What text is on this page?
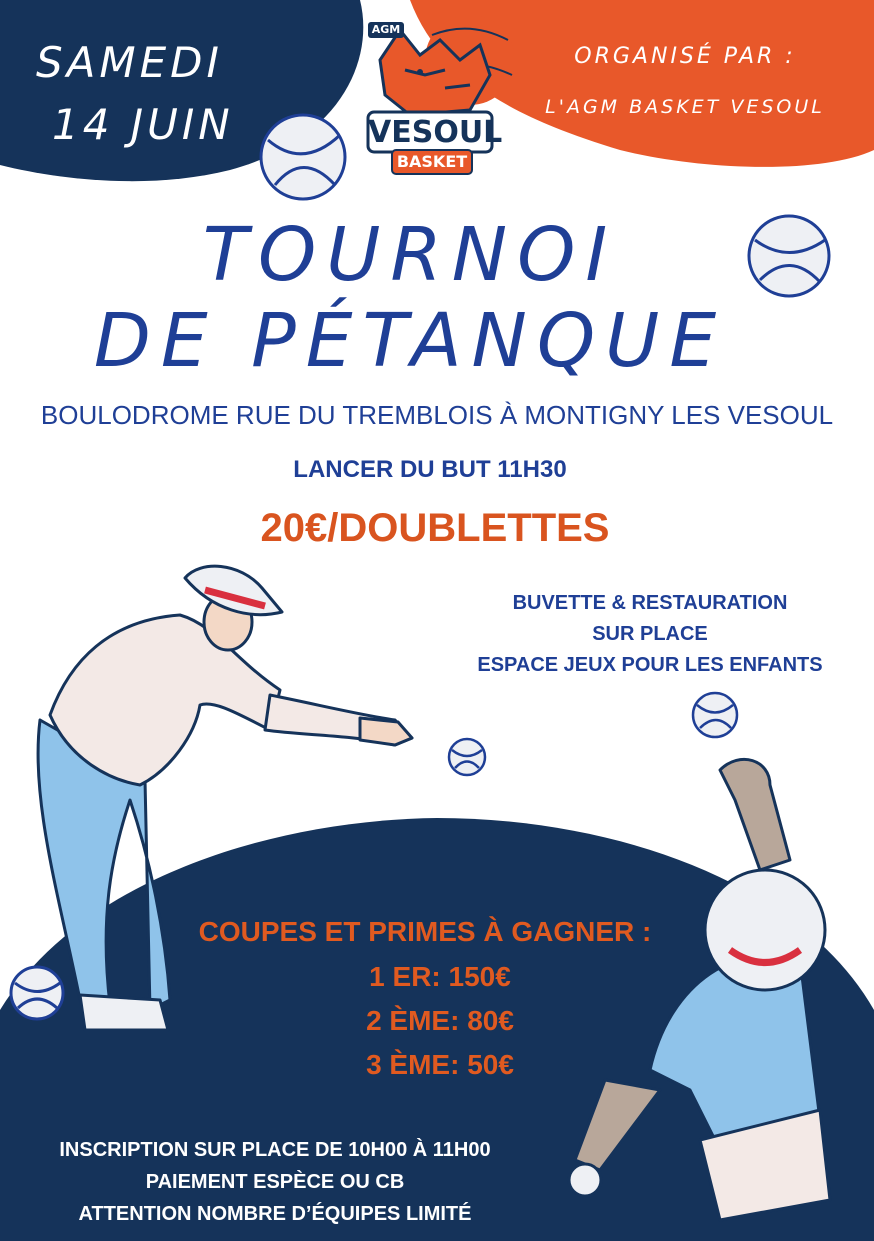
SAMEDI
14 JUIN
ORGANISÉ PAR :
L'AGM BASKET VESOUL
AGM
VESOUL
BASKET
TOURNOI
DE PÉTANQUE
BOULODROME RUE DU TREMBLOIS À MONTIGNY LES VESOUL
LANCER DU BUT 11H30
20€/DOUBLETTES
BUVETTE & RESTAURATION
SUR PLACE
ESPACE JEUX POUR LES ENFANTS
COUPES ET PRIMES À GAGNER :
1 ER: 150€
2 ÈME: 80€
3 ÈME: 50€
INSCRIPTION SUR PLACE DE 10H00 À 11H00
PAIEMENT ESPÈCE OU CB
ATTENTION NOMBRE D’ÉQUIPES LIMITÉ
